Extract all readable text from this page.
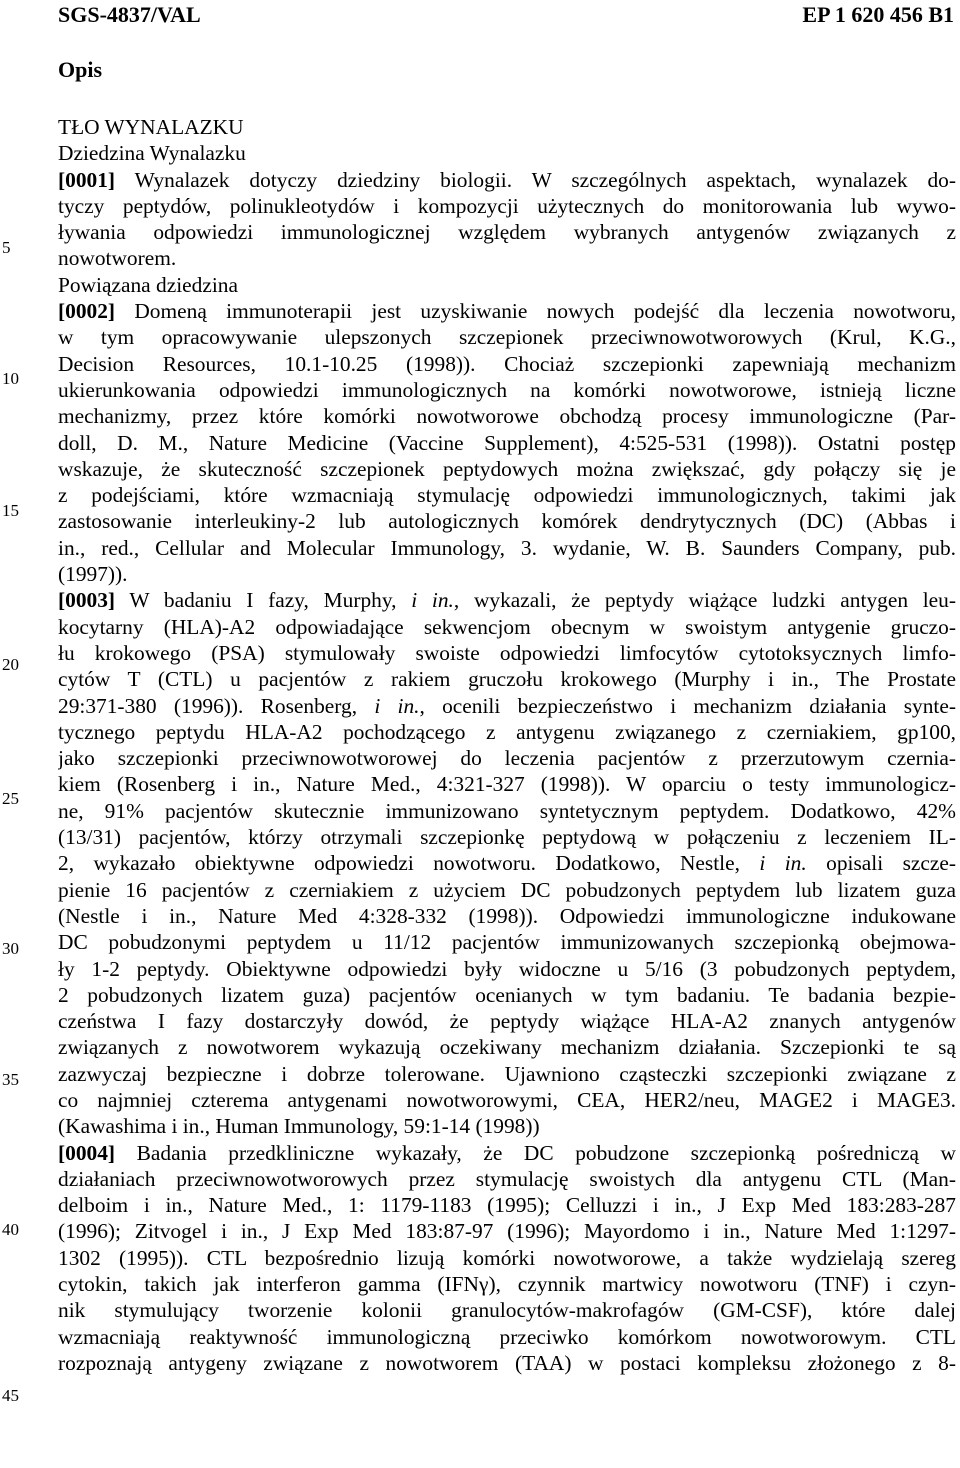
SGS-4837/VAL	EP 1 620 456 B1
Opis
5
10
15
20
25
30
35
40
45
TŁO WYNALAZKU
Dziedzina Wynalazku
[0001] Wynalazek dotyczy dziedziny biologii. W szczególnych aspektach, wynalazek do-
tyczy peptydów, polinukleotydów i kompozycji użytecznych do monitorowania lub wywo-
ływania odpowiedzi immunologicznej względem wybranych antygenów związanych z
nowotworem.
Powiązana dziedzina
[0002] Domeną immunoterapii jest uzyskiwanie nowych podejść dla leczenia nowotworu,
w tym opracowywanie ulepszonych szczepionek przeciwnowotworowych (Krul, K.G.,
Decision Resources, 10.1-10.25 (1998)). Chociaż szczepionki zapewniają mechanizm
ukierunkowania odpowiedzi immunologicznych na komórki nowotworowe, istnieją liczne
mechanizmy, przez które komórki nowotworowe obchodzą procesy immunologiczne (Par-
doll, D. M., Nature Medicine (Vaccine Supplement), 4:525-531 (1998)). Ostatni postęp
wskazuje, że skuteczność szczepionek peptydowych można zwiększać, gdy połączy się je
z podejściami, które wzmacniają stymulację odpowiedzi immunologicznych, takimi jak
zastosowanie interleukiny-2 lub autologicznych komórek dendrytycznych (DC) (Abbas i
in., red., Cellular and Molecular Immunology, 3. wydanie, W. B. Saunders Company, pub.
(1997)).
[0003] W badaniu I fazy, Murphy, i in., wykazali, że peptydy wiążące ludzki antygen leu-
kocytarny (HLA)-A2 odpowiadające sekwencjom obecnym w swoistym antygenie gruczo-
łu krokowego (PSA) stymulowały swoiste odpowiedzi limfocytów cytotoksycznych limfo-
cytów T (CTL) u pacjentów z rakiem gruczołu krokowego (Murphy i in., The Prostate
29:371-380 (1996)). Rosenberg, i in., ocenili bezpieczeństwo i mechanizm działania synte-
tycznego peptydu HLA-A2 pochodzącego z antygenu związanego z czerniakiem, gp100,
jako szczepionki przeciwnowotworowej do leczenia pacjentów z przerzutowym czernia-
kiem (Rosenberg i in., Nature Med., 4:321-327 (1998)). W oparciu o testy immunologicz-
ne, 91% pacjentów skutecznie immunizowano syntetycznym peptydem. Dodatkowo, 42%
(13/31) pacjentów, którzy otrzymali szczepionkę peptydową w połączeniu z leczeniem IL-
2, wykazało obiektywne odpowiedzi nowotworu. Dodatkowo, Nestle, i in. opisali szcze-
pienie 16 pacjentów z czerniakiem z użyciem DC pobudzonych peptydem lub lizatem guza
(Nestle i in., Nature Med 4:328-332 (1998)). Odpowiedzi immunologiczne indukowane
DC pobudzonymi peptydem u 11/12 pacjentów immunizowanych szczepionką obejmowa-
ły 1-2 peptydy. Obiektywne odpowiedzi były widoczne u 5/16 (3 pobudzonych peptydem,
2 pobudzonych lizatem guza) pacjentów ocenianych w tym badaniu. Te badania bezpie-
czeństwa I fazy dostarczyły dowód, że peptydy wiążące HLA-A2 znanych antygenów
związanych z nowotworem wykazują oczekiwany mechanizm działania. Szczepionki te są
zazwyczaj bezpieczne i dobrze tolerowane. Ujawniono cząsteczki szczepionki związane z
co najmniej czterema antygenami nowotworowymi, CEA, HER2/neu, MAGE2 i MAGE3.
(Kawashima i in., Human Immunology, 59:1-14 (1998))
[0004] Badania przedkliniczne wykazały, że DC pobudzone szczepionką pośredniczą w
działaniach przeciwnowotworowych przez stymulację swoistych dla antygenu CTL (Man-
delboim i in., Nature Med., 1: 1179-1183 (1995); Celluzzi i in., J Exp Med 183:283-287
(1996); Zitvogel i in., J Exp Med 183:87-97 (1996); Mayordomo i in., Nature Med 1:1297-
1302 (1995)). CTL bezpośrednio lizują komórki nowotworowe, a także wydzielają szereg
cytokin, takich jak interferon gamma (IFNγ), czynnik martwicy nowotworu (TNF) i czyn-
nik stymulujący tworzenie kolonii granulocytów-makrofagów (GM-CSF), które dalej
wzmacniają reaktywność immunologiczną przeciwko komórkom nowotworowym. CTL
rozpoznają antygeny związane z nowotworem (TAA) w postaci kompleksu złożonego z 8-
